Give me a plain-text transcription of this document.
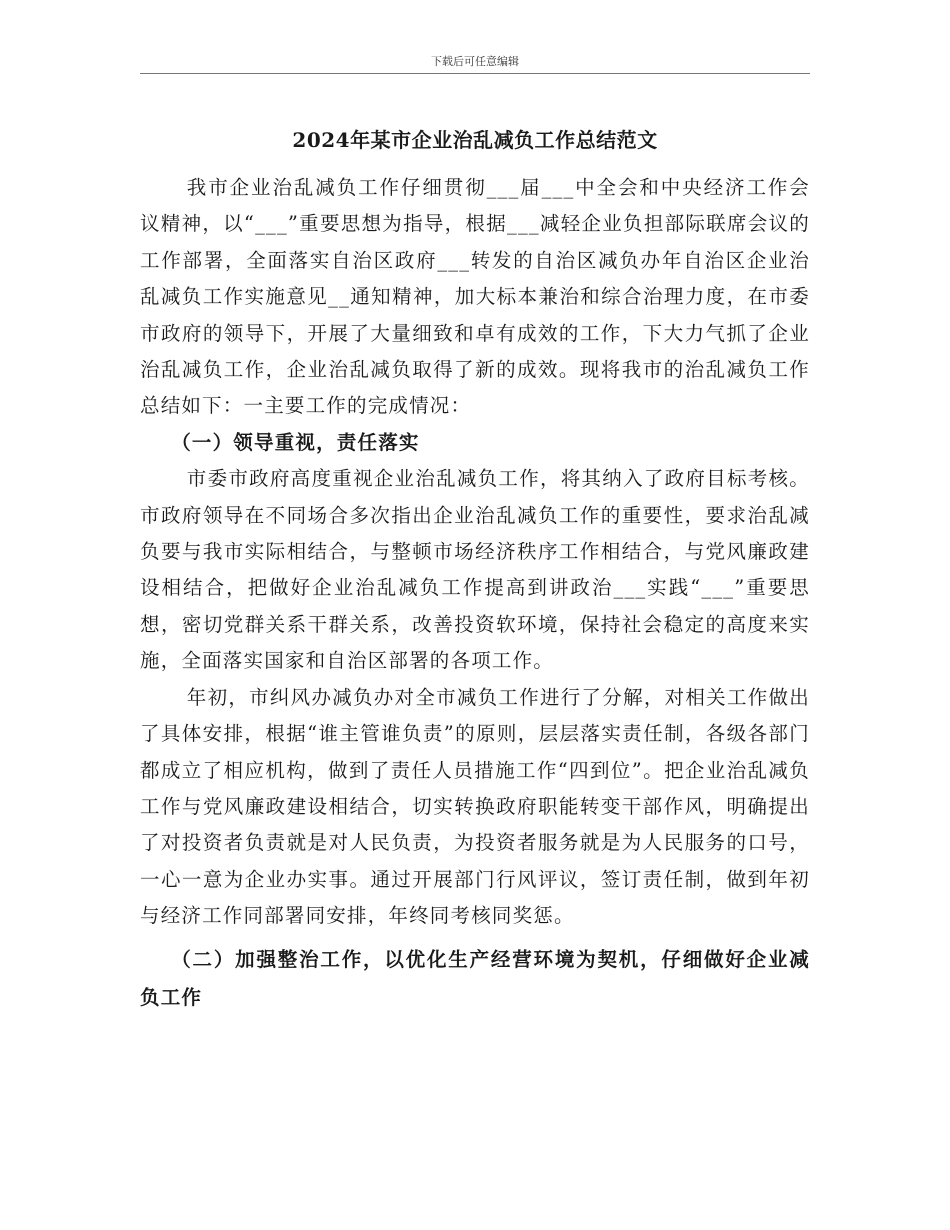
下载后可任意编辑
2024年某市企业治乱减负工作总结范文

我市企业治乱减负工作仔细贯彻___届___中全会和中央经济工作会议精神，以“___”重要思想为指导，根据___减轻企业负担部际联席会议的工作部署，全面落实自治区政府___转发的自治区减负办年自治区企业治乱减负工作实施意见__通知精神，加大标本兼治和综合治理力度，在市委市政府的领导下，开展了大量细致和卓有成效的工作，下大力气抓了企业治乱减负工作，企业治乱减负取得了新的成效。现将我市的治乱减负工作总结如下：一主要工作的完成情况：

（一）领导重视，责任落实

市委市政府高度重视企业治乱减负工作，将其纳入了政府目标考核。市政府领导在不同场合多次指出企业治乱减负工作的重要性，要求治乱减负要与我市实际相结合，与整顿市场经济秩序工作相结合，与党风廉政建设相结合，把做好企业治乱减负工作提高到讲政治___实践“___”重要思想，密切党群关系干群关系，改善投资软环境，保持社会稳定的高度来实施，全面落实国家和自治区部署的各项工作。

年初，市纠风办减负办对全市减负工作进行了分解，对相关工作做出了具体安排，根据“谁主管谁负责”的原则，层层落实责任制，各级各部门都成立了相应机构，做到了责任人员措施工作“四到位”。把企业治乱减负工作与党风廉政建设相结合，切实转换政府职能转变干部作风，明确提出了对投资者负责就是对人民负责，为投资者服务就是为人民服务的口号，一心一意为企业办实事。通过开展部门行风评议，签订责任制，做到年初与经济工作同部署同安排，年终同考核同奖惩。

（二）加强整治工作，以优化生产经营环境为契机，仔细做好企业减负工作
